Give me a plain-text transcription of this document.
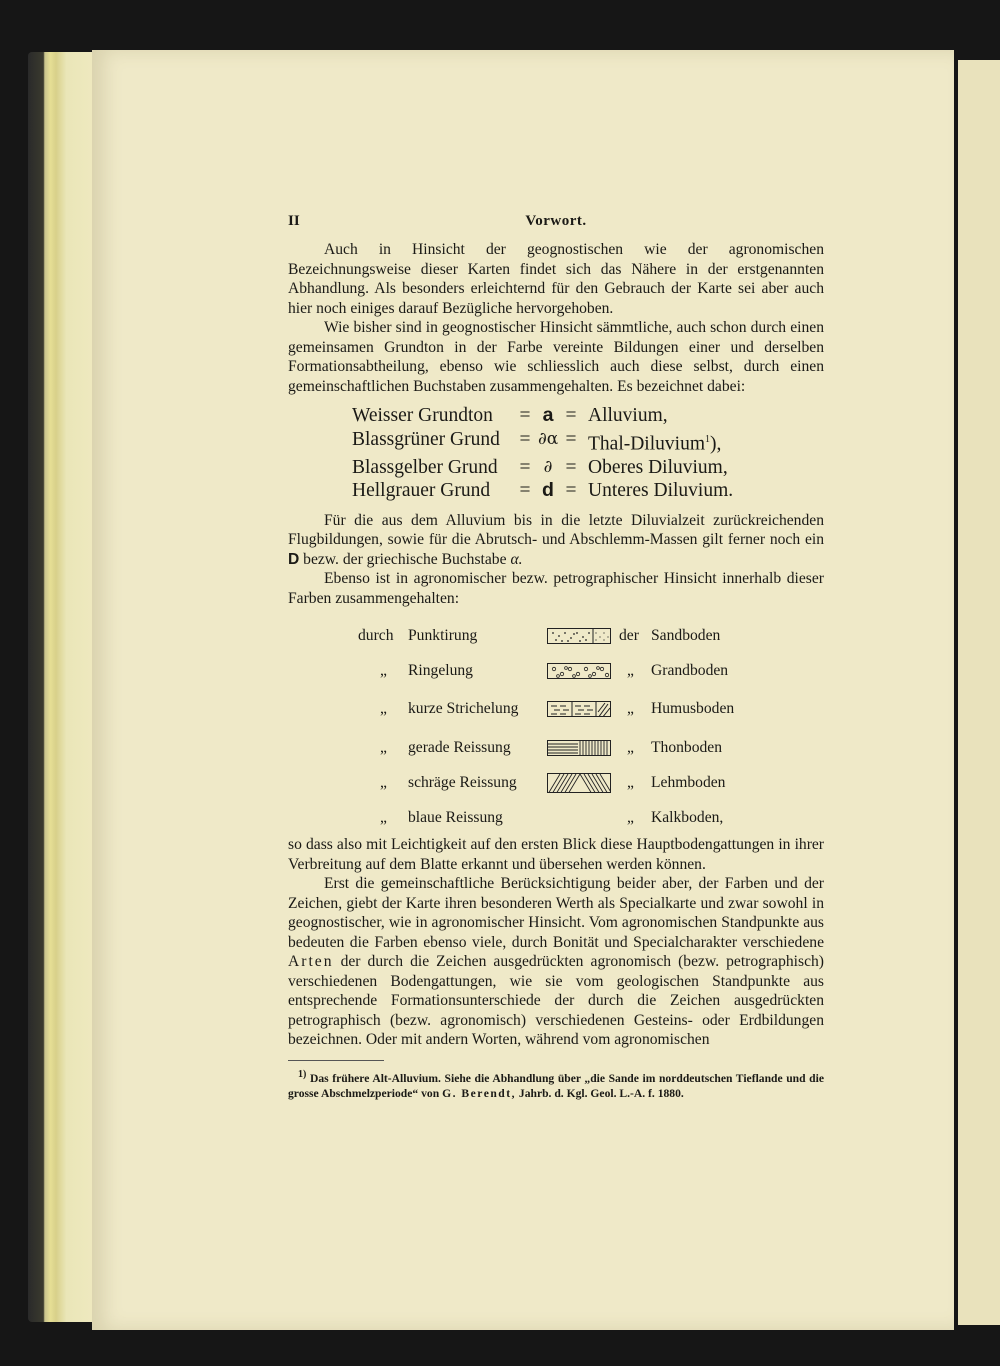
II	Vorwort.

Auch in Hinsicht der geognostischen wie der agronomischen Bezeichnungsweise dieser Karten findet sich das Nähere in der erstgenannten Abhandlung. Als besonders erleichternd für den Gebrauch der Karte sei aber auch hier noch einiges darauf Bezügliche hervorgehoben.

Wie bisher sind in geognostischer Hinsicht sämmtliche, auch schon durch einen gemeinsamen Grundton in der Farbe vereinte Bildungen einer und derselben Formationsabtheilung, ebenso wie schliesslich auch diese selbst, durch einen gemeinschaftlichen Buchstaben zusammengehalten. Es bezeichnet dabei:

Weisser Grundton	= a = Alluvium,
Blassgrüner Grund	= ∂α = Thal-Diluvium$^1$),
Blassgelber Grund	= ∂ = Oberes Diluvium,
Hellgrauer Grund	= d = Unteres Diluvium.

Für die aus dem Alluvium bis in die letzte Diluvialzeit zurückreichenden Flugbildungen, sowie für die Abrutsch- und Abschlemm-Massen gilt ferner noch ein D bezw. der griechische Buchstabe α.

Ebenso ist in agronomischer bezw. petrographischer Hinsicht innerhalb dieser Farben zusammengehalten:

durch Punktirung	der Sandboden
„	Ringelung	„	Grandboden
„	kurze Strichelung	„	Humusboden
„	gerade Reissung	„	Thonboden
„	schräge Reissung	„	Lehmboden
„	blaue Reissung	„	Kalkboden,

so dass also mit Leichtigkeit auf den ersten Blick diese Hauptbodengattungen in ihrer Verbreitung auf dem Blatte erkannt und übersehen werden können.

Erst die gemeinschaftliche Berücksichtigung beider aber, der Farben und der Zeichen, giebt der Karte ihren besonderen Werth als Specialkarte und zwar sowohl in geognostischer, wie in agronomischer Hinsicht. Vom agronomischen Standpunkte aus bedeuten die Farben ebenso viele, durch Bonität und Specialcharakter verschiedene Arten der durch die Zeichen ausgedrückten agronomisch (bezw. petrographisch) verschiedenen Bodengattungen, wie sie vom geologischen Standpunkte aus entsprechende Formationsunterschiede der durch die Zeichen ausgedrückten petrographisch (bezw. agronomisch) verschiedenen Gesteins- oder Erdbildungen bezeichnen. Oder mit andern Worten, während vom agronomischen

$^{1)}$ Das frühere Alt-Alluvium. Siehe die Abhandlung über „die Sande im norddeutschen Tieflande und die grosse Abschmelzperiode“ von G. Berendt, Jahrb. d. Kgl. Geol. L.-A. f. 1880.
